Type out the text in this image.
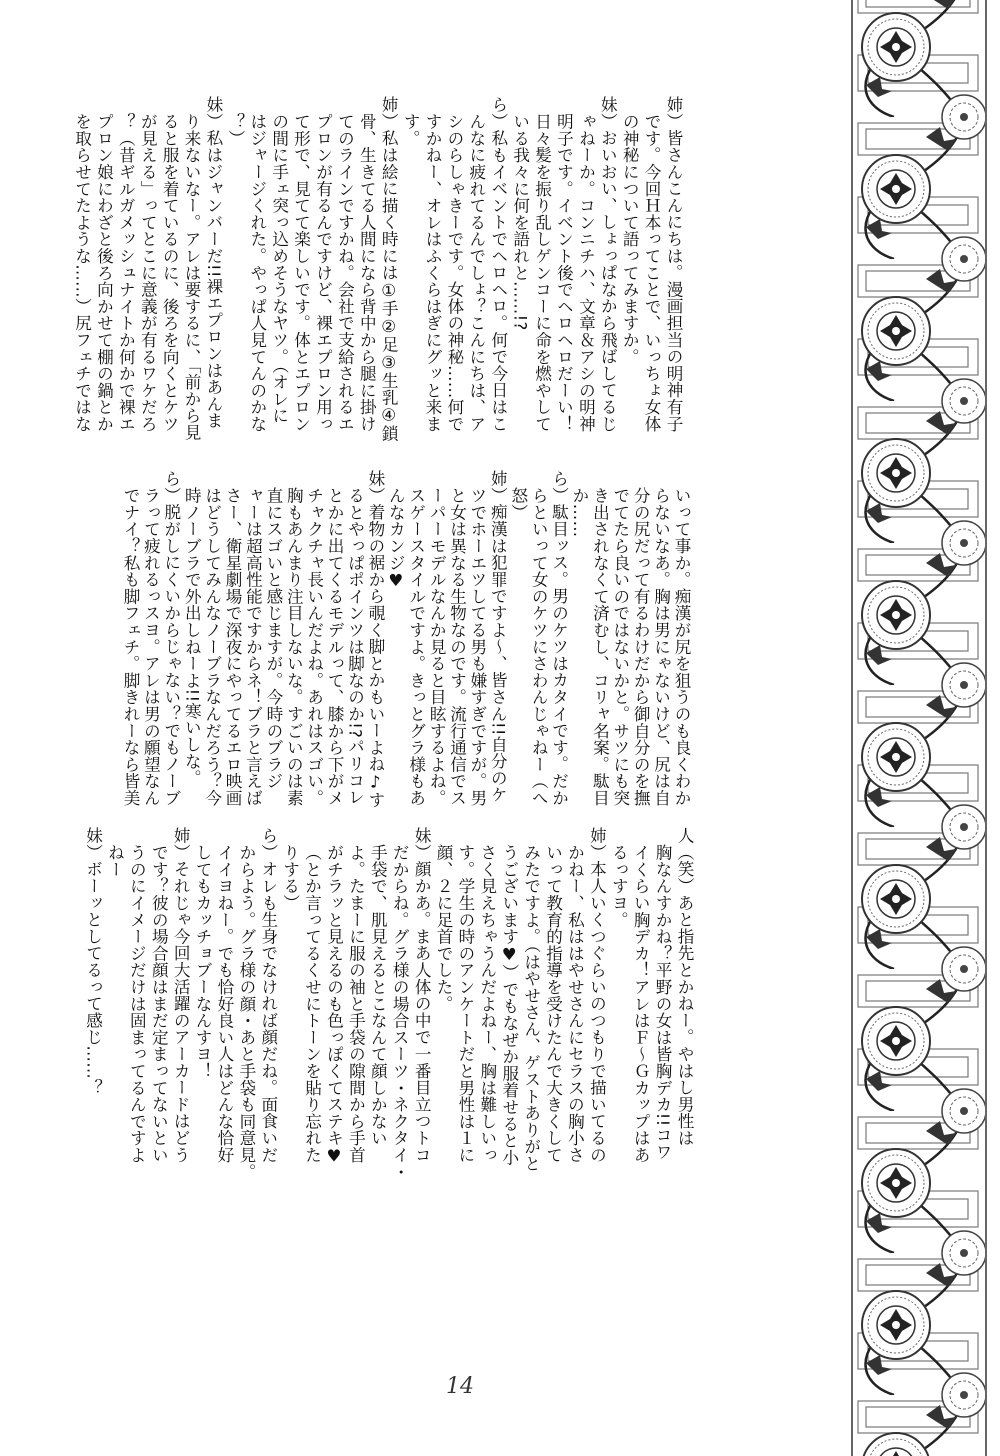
姉）皆さんこんにちは。漫画担当の明神有子

です。今回Ｈ本ってことで、いっちょ女体

の神秘について語ってみますか。

妹）おいおい、しょっぱなから飛ばしてるじ

ゃねーか。コンニチハ、文章＆アシの明神

明子です。イベント後でヘロヘロだーい！

日々髪を振り乱しゲンコーに命を燃やして

いる我々に何を語れと……!?

ら）私もイベントでヘロヘロ。何で今日はこ

んなに疲れてるんでしょ？こんにちは、ア

シのらしゃきーです。女体の神秘……何で

すかねー、オレはふくらはぎにグッと来ま

す。

姉）私は絵に描く時には①手②足③生乳④鎖

骨、生きてる人間になら背中から腿に掛け

てのラインですかね。会社で支給されるエ

プロンが有るんですけど、裸エプロン用っ

て形で、見てて楽しいです。体とエプロン

の間に手ェ突っ込めそうなヤツ。（オレに

はジャージくれた。やっぱ人見てんのかな

？）

妹）私はジャンバーだ!!裸エプロンはあんま

り来ないなー。アレは要するに、「前から見

ると服を着ているのに、後ろを向くとケツ

が見える」ってとこに意義が有るワケだろ

？（昔ギルガメッシュナイトか何かで裸エ

プロン娘にわざと後ろ向かせて棚の鍋とか

を取らせてたような……）尻フェチではな

いって事か。痴漢が尻を狙うのも良くわか

らないなあ。胸は男にゃないけど、尻は自

分の尻だって有るわけだから御自分のを撫

でてたら良いのではないかと。サツにも突

き出されなくて済むし、コリャ名案。駄目

か……

ら）駄目ッス。男のケツはカタイです。だか

らといって女のケツにさわんじゃねー（へ

怒）

姉）痴漢は犯罪ですよ～、皆さん!!自分のケ

ツでホーエツしてる男も嫌すぎですが。男

と女は異なる生物なのです。流行通信でス

ーパーモデルなんか見ると目眩するよね。

スゲースタイルですよ。きっとグラ様もあ

んなカンジ♥

妹）着物の裾から覗く脚とかもいーよね♪す

るとやっぱポインツは脚なのか!?パリコレ

とかに出てくるモデルって、膝から下がメ

チャクチャ長いんだよね。あれはスゴい。

胸もあんまり注目しないな。すごいのは素

直にスゴいと感じますが。今時のブラジ

ャーは超高性能ですからネ！ブラと言えば

さー、衛星劇場で深夜にやってるエロ映画

はどうしてみんなノーブラなんだろう？今

時ノーブラで外出しねーよ!!寒いしな。

ら）脱がしにくいからじゃない？でもノーブ

ラって疲れるっスヨ。アレは男の願望なん

でナイ？私も脚フェチ。脚きれーなら皆美

人（笑）あと指先とかねー。やはし男性は

胸なんすかね？平野の女は皆胸デカ!!コワ

イくらい胸デカ！アレはＦ～Ｇカップはあ

るっすヨ。

姉）本人いくつぐらいのつもりで描いてるの

かねー、私ははやせさんにセラスの胸小さ

いって教育的指導を受けたんで大きくして

みたですよ。（はやせさん、ゲストありがと

うございます♥）でもなぜか服着せると小

さく見えちゃうんだよねー、胸は難しいっ

す。学生の時のアンケートだと男性は１に

顔、２に足首でした。

妹）顔かあ。まあ人体の中で一番目立つトコ

だからね。グラ様の場合スーツ・ネクタイ・

手袋で、肌見えるとこなんて顔しかない

よ。たまーに服の袖と手袋の隙間から手首

がチラッと見えるのも色っぽくてステキ♥

（とか言ってるくせにトーンを貼り忘れた

りする）

ら）オレも生身でなければ顔だね。面食いだ

からよう。グラ様の顔・あと手袋も同意見。

イイヨねー。でも恰好良い人はどんな恰好

してもカッチョブーなんすヨ！

姉）それじゃ今回大活躍のアーカードはどう

です？彼の場合顔はまだ定まってないとい

うのにイメージだけは固まってるんですよ

ねー

妹）ボーッとしてるって感じ……？

14
